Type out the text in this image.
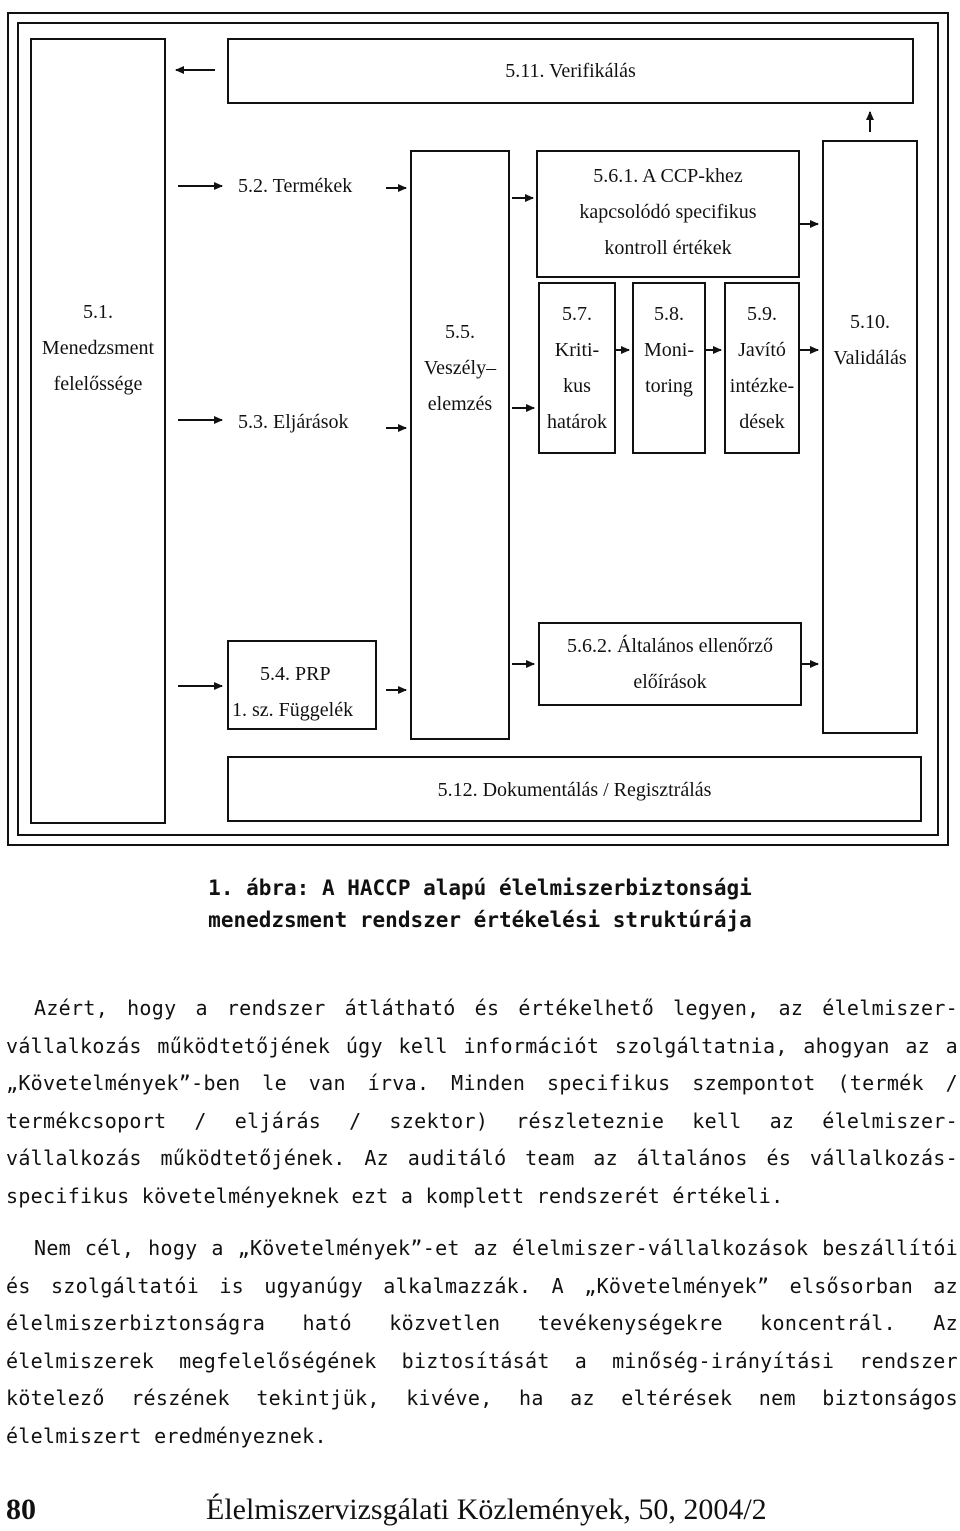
5.11. Verifikálás
5.1.
Menedzsment
felelőssége
5.2. Termékek
5.3. Eljárások
5.4. PRP
1. sz. Függelék
5.5.
Veszély–
elemzés
5.6.1. A CCP-khez
kapcsolódó specifikus
kontroll értékek
5.7.
Kriti-
kus
határok
5.8.
Moni-
toring
5.9.
Javító
intézke-
dések
5.10.
Validálás
5.6.2. Általános ellenőrző
előírások
5.12. Dokumentálás / Regisztrálás
1. ábra: A HACCP alapú élelmiszerbiztonsági
menedzsment rendszer értékelési struktúrája
Azért, hogy a rendszer átlátható és értékelhető legyen, az élelmiszer-vállalkozás működtetőjének úgy kell információt szolgáltatnia, ahogyan az a „Követelmények”-ben le van írva. Minden specifikus szempontot (termék / termékcsoport / eljárás / szektor) részleteznie kell az élelmiszer-vállalkozás működtetőjének. Az auditáló team az általános és vállalkozás-specifikus követelményeknek ezt a komplett rendszerét értékeli.
Nem cél, hogy a „Követelmények”-et az élelmiszer-vállalkozások beszállítói és szolgáltatói is ugyanúgy alkalmazzák. A „Követelmények” elsősorban az élelmiszerbiztonságra ható közvetlen tevékenységekre koncentrál. Az élelmiszerek megfelelőségének biztosítását a minőség-irányítási rendszer kötelező részének tekintjük, kivéve, ha az eltérések nem biztonságos élelmiszert eredményeznek.
80	Élelmiszervizsgálati Közlemények, 50, 2004/2
